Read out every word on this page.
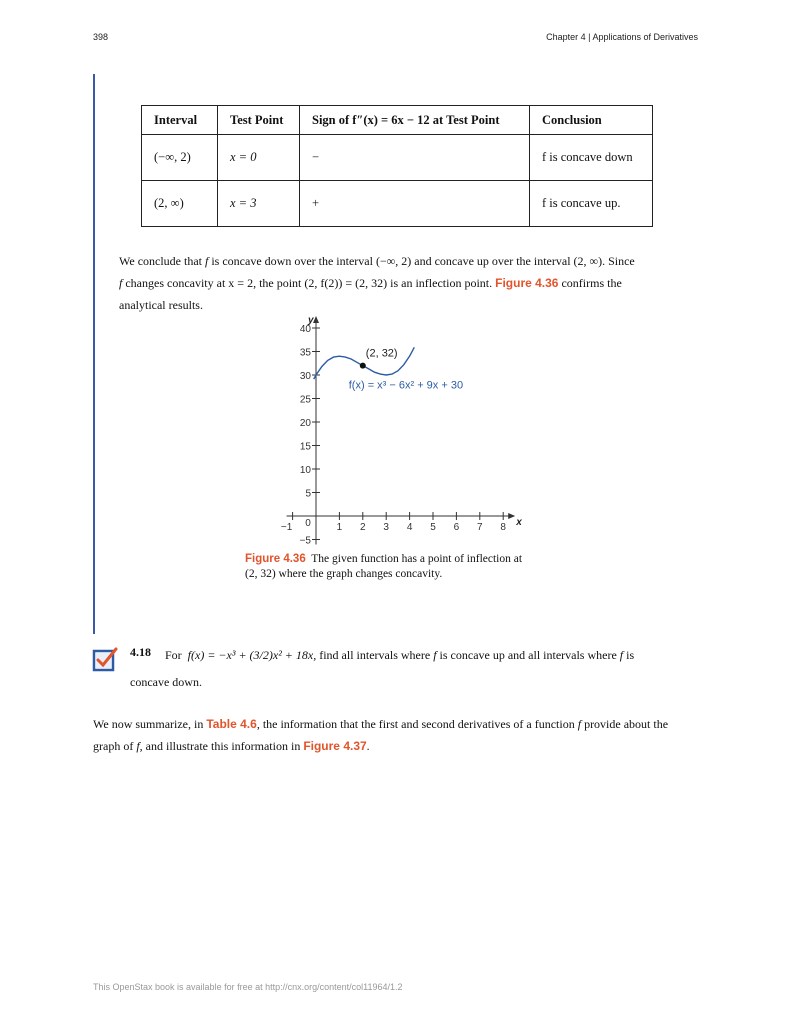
398	Chapter 4 | Applications of Derivatives
Interval	Test Point	Sign of f″(x) = 6x − 12 at Test Point	Conclusion
(−∞, 2)	x = 0	−	f is concave down
(2, ∞)	x = 3	+	f is concave up.
We conclude that f is concave down over the interval (−∞, 2) and concave up over the interval (2, ∞). Since
f changes concavity at x = 2, the point (2, f(2)) = (2, 32) is an inflection point. Figure 4.36 confirms the
analytical results.
x
y
−1 0	1 2 3 4 5 6 7 8
−5
5
10
15
20
25
30
35
40
(2, 32)
f(x) = x³ − 6x² + 9x + 30
Figure 4.36 The given function has a point of inflection at
(2, 32) where the graph changes concavity.
4.18 For f(x) = −x³ + (3/2)x² + 18x, find all intervals where f is concave up and all intervals where f is
concave down.
We now summarize, in Table 4.6, the information that the first and second derivatives of a function f provide about the
graph of f, and illustrate this information in Figure 4.37.
This OpenStax book is available for free at http://cnx.org/content/col11964/1.2
